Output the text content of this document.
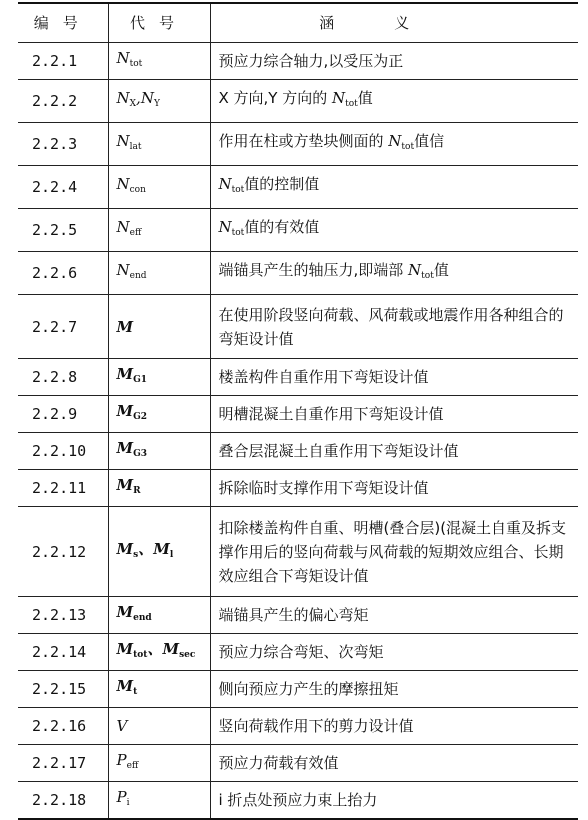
编号	代号	涵义
2.2.1	$N_{tot}$	预应力综合轴力,以受压为正
2.2.2	$N_X,N_Y$	X 方向,Y 方向的 $N_{tot}$值
2.2.3	$N_{lat}$	作用在柱或方垫块侧面的 $N_{tot}$值信
2.2.4	$N_{con}$	$N_{tot}$值的控制值
2.2.5	$N_{eff}$	$N_{tot}$值的有效值
2.2.6	$N_{end}$	端锚具产生的轴压力,即端部 $N_{tot}$值
2.2.7	M	在使用阶段竖向荷载、风荷载或地震作用各种组合的弯矩设计值
2.2.8	$M_{G1}$	楼盖构件自重作用下弯矩设计值
2.2.9	$M_{G2}$	明槽混凝土自重作用下弯矩设计值
2.2.10	$M_{G3}$	叠合层混凝土自重作用下弯矩设计值
2.2.11	$M_R$	拆除临时支撑作用下弯矩设计值
2.2.12	$M_s$、$M_l$	扣除楼盖构件自重、明槽(叠合层)(混凝土自重及拆支撑作用后的竖向荷载与风荷载的短期效应组合、长期效应组合下弯矩设计值
2.2.13	$M_{end}$	端锚具产生的偏心弯矩
2.2.14	$M_{tot}$、$M_{sec}$	预应力综合弯矩、次弯矩
2.2.15	$M_t$	侧向预应力产生的摩擦扭矩
2.2.16	V	竖向荷载作用下的剪力设计值
2.2.17	$P_{eff}$	预应力荷载有效值
2.2.18	$P_i$	i 折点处预应力束上抬力
